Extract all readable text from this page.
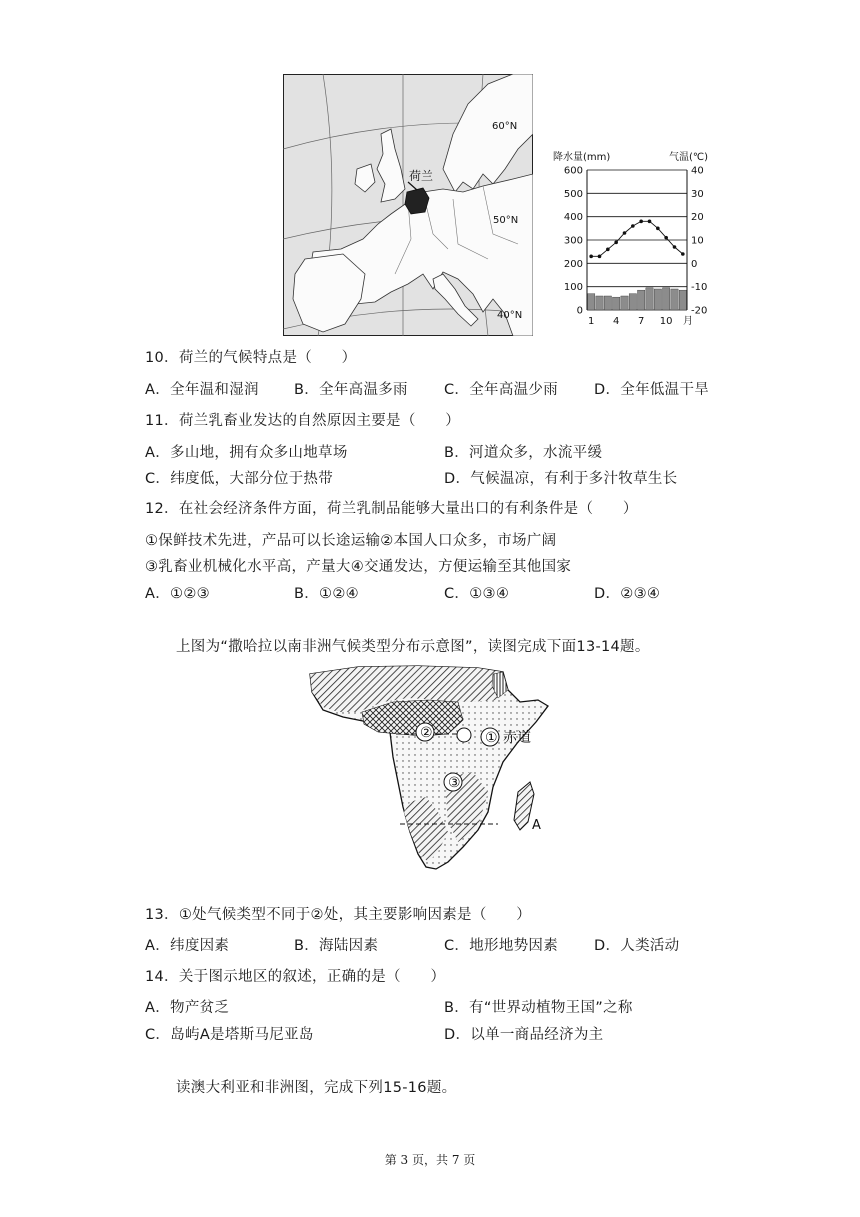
荷兰
60°N
50°N
40°N
降水量(mm)	气温(℃)
600	40
500	30
400	20
300	10
200	0
100	-10
0	-20
1 4 7 10 月
10．荷兰的气候特点是（　　）
A．全年温和湿润 B．全年高温多雨 C．全年高温少雨 D．全年低温干旱
11．荷兰乳畜业发达的自然原因主要是（　　）
A．多山地，拥有众多山地草场	B．河道众多，水流平缓
C．纬度低，大部分位于热带	D．气候温凉，有利于多汁牧草生长
12．在社会经济条件方面，荷兰乳制品能够大量出口的有利条件是（　　）
①保鲜技术先进，产品可以长途运输②本国人口众多，市场广阔
③乳畜业机械化水平高，产量大④交通发达，方便运输至其他国家
A．①②③	B．①②④	C．①③④	D．②③④
上图为“撒哈拉以南非洲气候类型分布示意图”，读图完成下面13-14题。
②	① 赤道
③
A
13．①处气候类型不同于②处，其主要影响因素是（　　）
A．纬度因素	B．海陆因素	C．地形地势因素 D．人类活动
14．关于图示地区的叙述，正确的是（　　）
A．物产贫乏	B．有“世界动植物王国”之称
C．岛屿A是塔斯马尼亚岛	D．以单一商品经济为主
读澳大利亚和非洲图，完成下列15-16题。
第 3 页，共 7 页
